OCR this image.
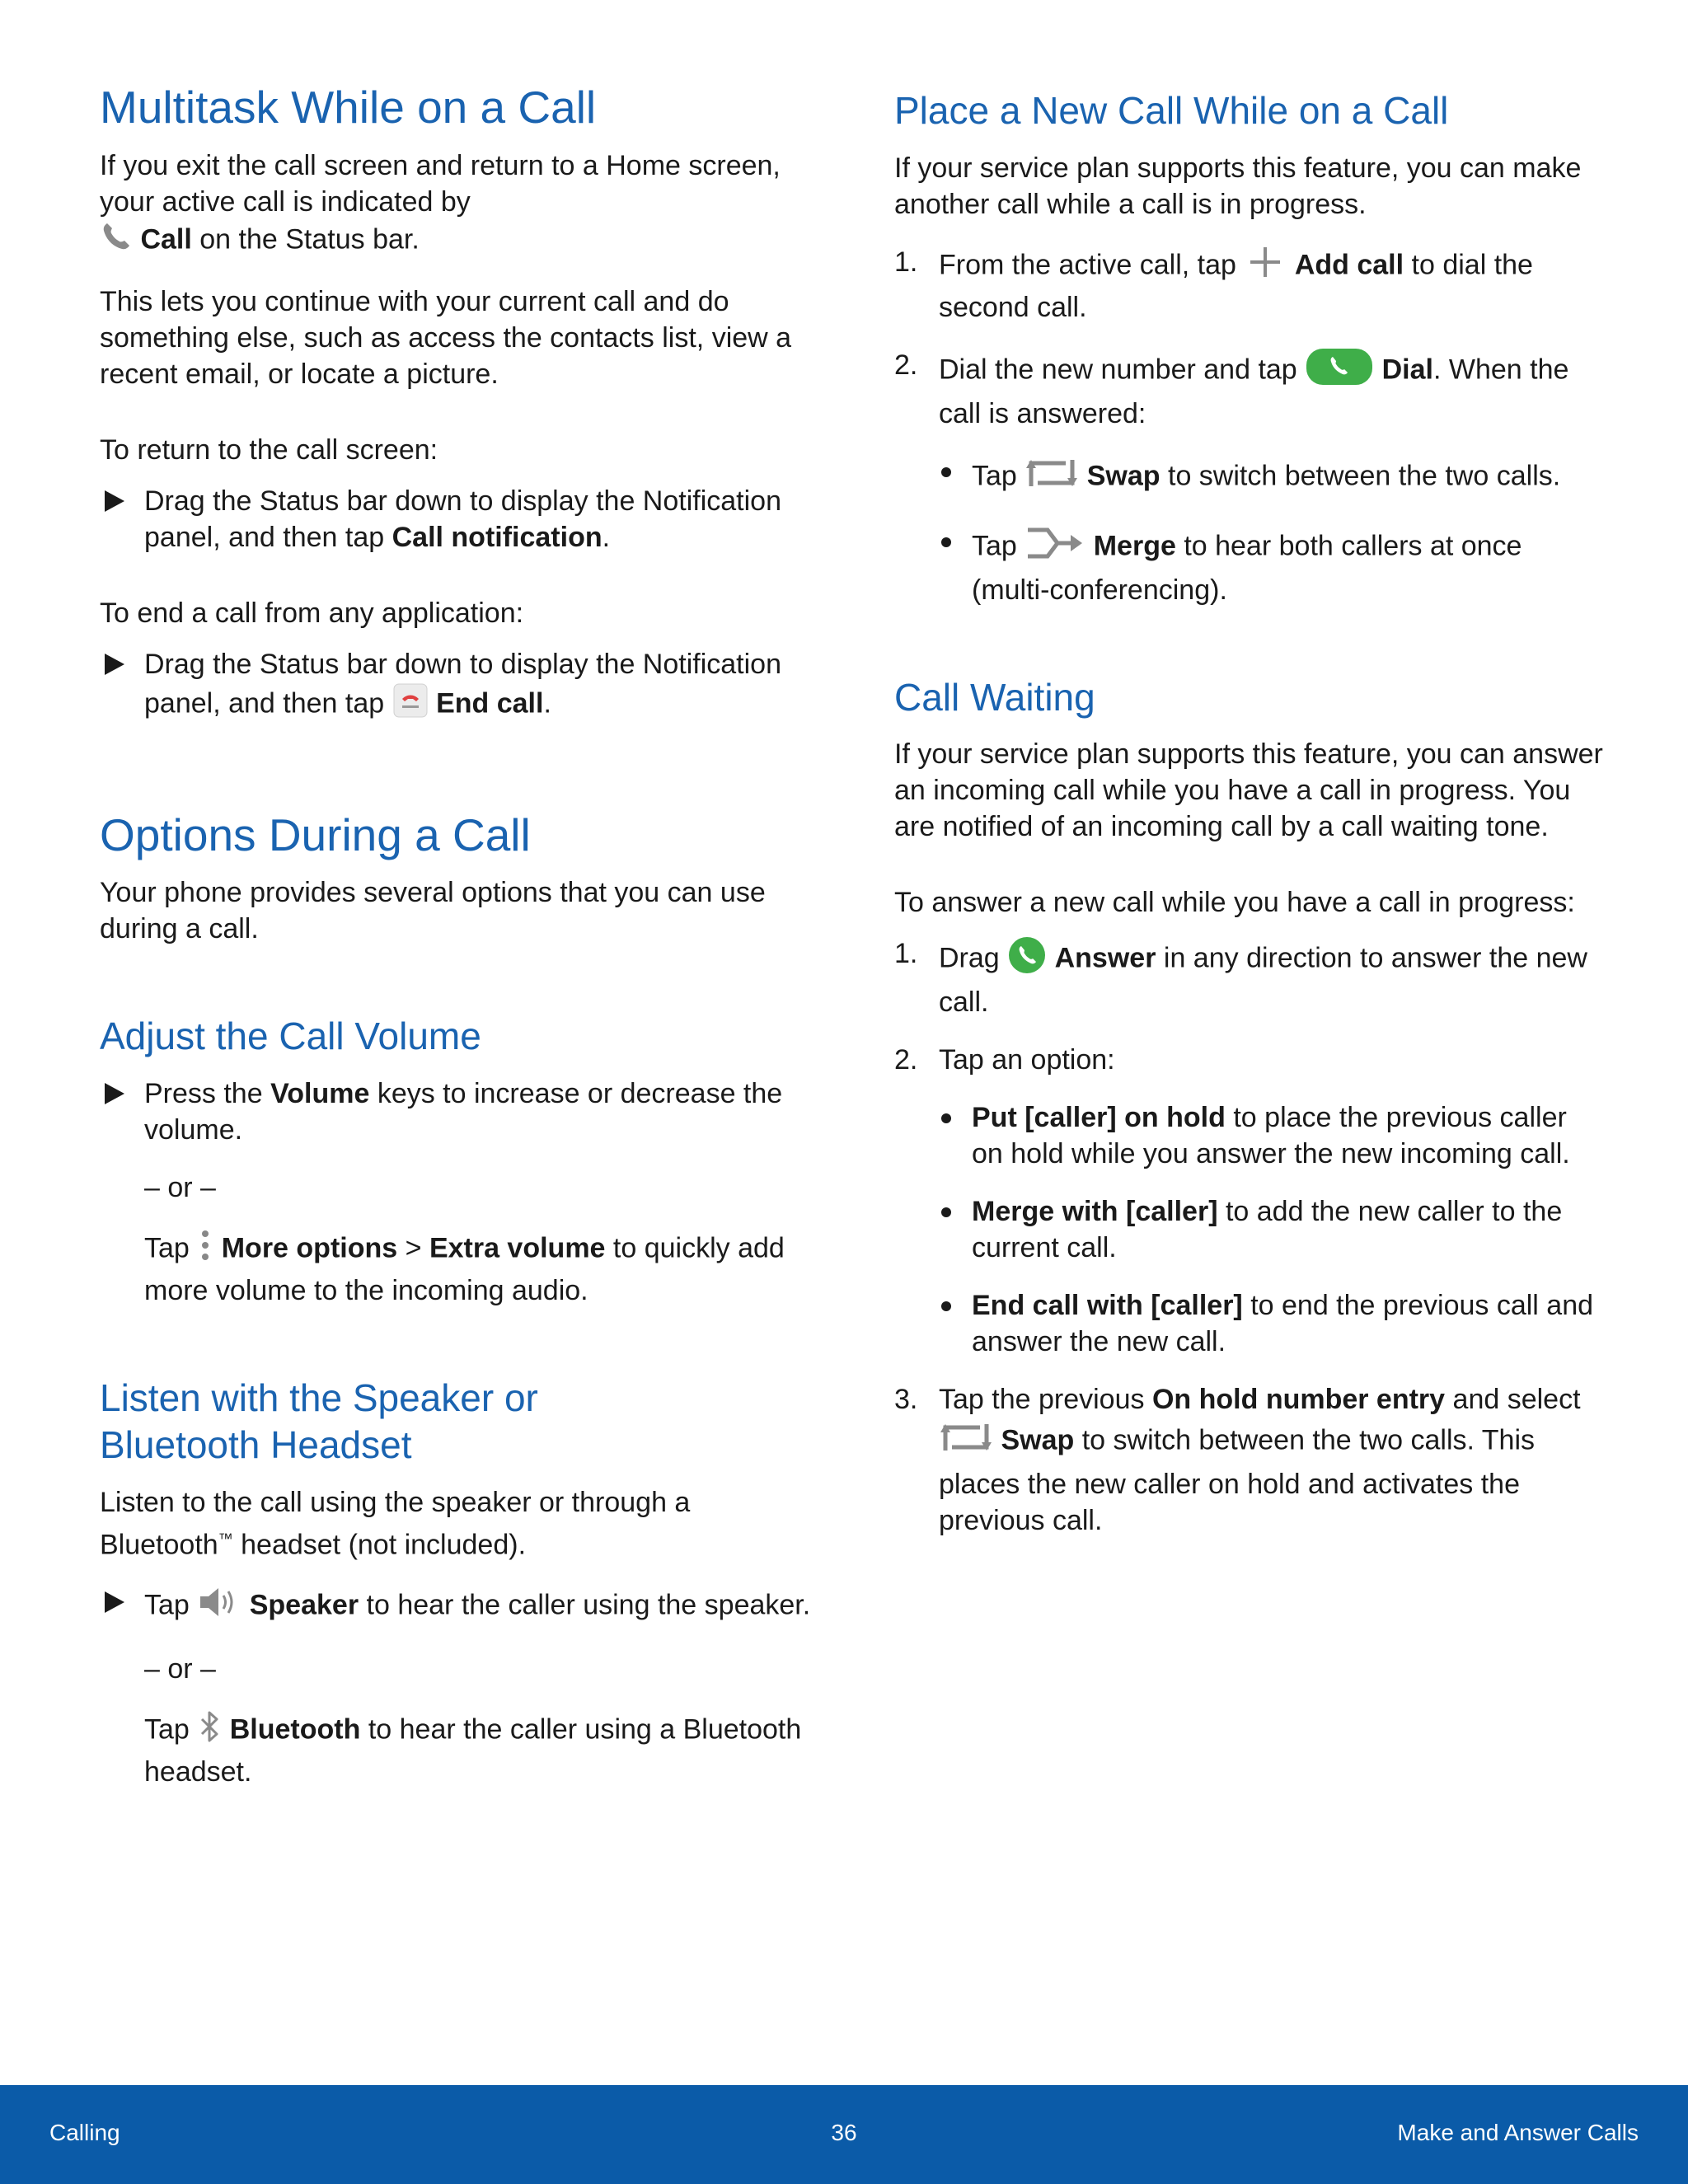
Multitask While on a Call

If you exit the call screen and return to a Home screen, your active call is indicated by
Call on the Status bar.

This lets you continue with your current call and do something else, such as access the contacts list, view a recent email, or locate a picture.

To return to the call screen:

Drag the Status bar down to display the Notification panel, and then tap Call notification.

To end a call from any application:

Drag the Status bar down to display the Notification panel, and then tap End call.
Options During a Call

Your phone provides several options that you can use during a call.

Adjust the Call Volume
Press the Volume keys to increase or decrease the volume.

– or –

Tap More options > Extra volume to quickly add more volume to the incoming audio.

Listen with the Speaker or
Bluetooth Headset

Listen to the call using the speaker or through a Bluetooth™ headset (not included).

Tap Speaker to hear the caller using the speaker.

– or –

Tap Bluetooth to hear the caller using a Bluetooth headset.

Place a New Call While on a Call

If your service plan supports this feature, you can make another call while a call is in progress.

1. From the active call, tap Add call to dial the second call.
2. Dial the new number and tap	Dial. When the call is answered:
Tap Swap to switch between the two calls.
Tap	Merge to hear both callers at once (multi-conferencing).
Call Waiting

If your service plan supports this feature, you can answer an incoming call while you have a call in progress. You are notified of an incoming call by a call waiting tone.

To answer a new call while you have a call in progress:

1. Drag Answer in any direction to answer the new call.
2. Tap an option:
Put [caller] on hold to place the previous caller on hold while you answer the new incoming call.
Merge with [caller] to add the new caller to the current call.
End call with [caller] to end the previous call and answer the new call.
3. Tap the previous On hold number entry and select  Swap to switch between the two calls. This places the new caller on hold and activates the previous call.
Calling	36	Make and Answer Calls
